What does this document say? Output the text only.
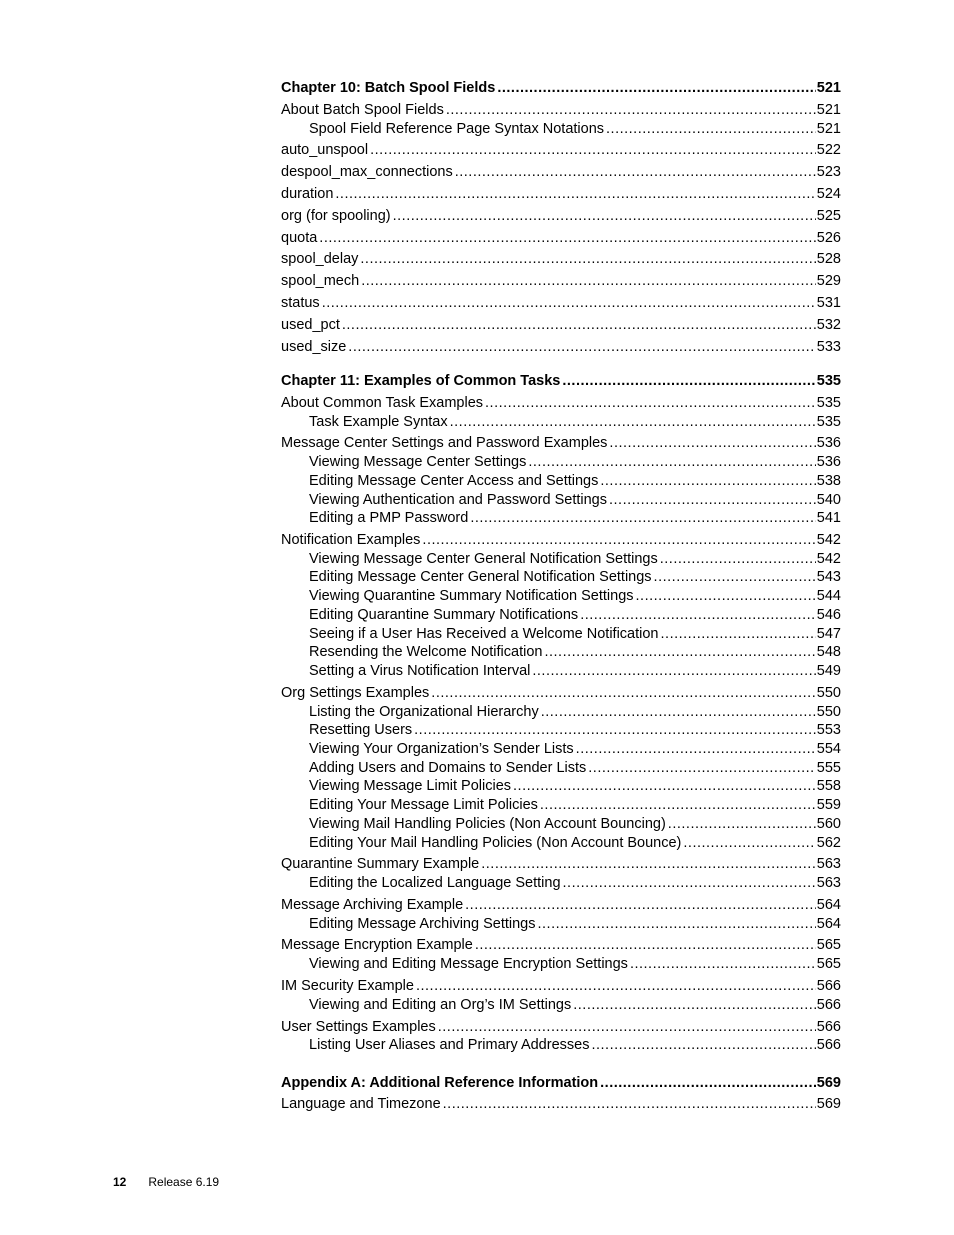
Chapter 10: Batch Spool Fields .....	521
About Batch Spool Fields .....	521
Spool Field Reference Page Syntax Notations .....	521
auto_unspool .....	522
despool_max_connections .....	523
duration .....	524
org (for spooling) .....	525
quota .....	526
spool_delay .....	528
spool_mech .....	529
status .....	531
used_pct .....	532
used_size .....	533
Chapter 11: Examples of Common Tasks .....	535
About Common Task Examples .....	535
Task Example Syntax .....	535
Message Center Settings and Password Examples .....	536
Viewing Message Center Settings .....	536
Editing Message Center Access and Settings .....	538
Viewing Authentication and Password Settings .....	540
Editing a PMP Password .....	541
Notification Examples .....	542
Viewing Message Center General Notification Settings .....	542
Editing Message Center General Notification Settings .....	543
Viewing Quarantine Summary Notification Settings .....	544
Editing Quarantine Summary Notifications .....	546
Seeing if a User Has Received a Welcome Notification .....	547
Resending the Welcome Notification .....	548
Setting a Virus Notification Interval .....	549
Org Settings Examples .....	550
Listing the Organizational Hierarchy .....	550
Resetting Users .....	553
Viewing Your Organization’s Sender Lists .....	554
Adding Users and Domains to Sender Lists .....	555
Viewing Message Limit Policies .....	558
Editing Your Message Limit Policies .....	559
Viewing Mail Handling Policies (Non Account Bouncing) .....	560
Editing Your Mail Handling Policies (Non Account Bounce) .....	562
Quarantine Summary Example .....	563
Editing the Localized Language Setting .....	563
Message Archiving Example .....	564
Editing Message Archiving Settings .....	564
Message Encryption Example .....	565
Viewing and Editing Message Encryption Settings .....	565
IM Security Example .....	566
Viewing and Editing an Org’s IM Settings .....	566
User Settings Examples .....	566
Listing User Aliases and Primary Addresses .....	566
Appendix A: Additional Reference Information .....	569
Language and Timezone .....	569
12 Release 6.19
